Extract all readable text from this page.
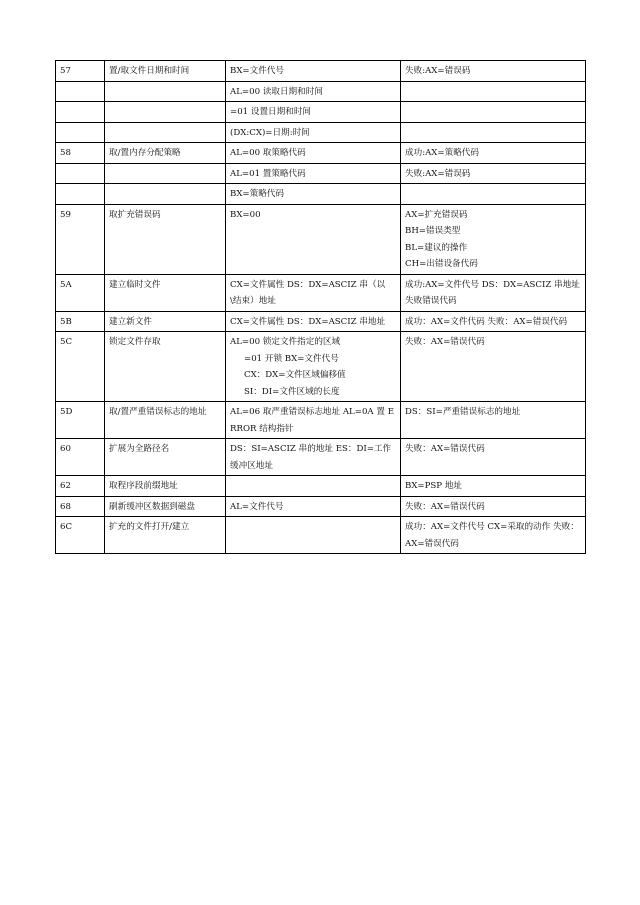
57	置/取文件日期和时间	BX=文件代号	失败:AX=错误码

		AL=00 读取日期和时间	

		=01 设置日期和时间	

		(DX:CX)=日期:时间	

58	取/置内存分配策略	AL=00 取策略代码	成功:AX=策略代码

		AL=01 置策略代码	失败:AX=错误码

		BX=策略代码	

59	取扩充错误码	BX=00	AX=扩充错误码
BH=错误类型
BL=建议的操作
CH=出错设备代码

5A	建立临时文件	CX=文件属性 DS：DX=ASCIZ 串（以\结束）地址	成功:AX=文件代号 DS：DX=ASCIZ 串地址失败错误代码

5B	建立新文件	CX=文件属性 DS：DX=ASCIZ 串地址	成功：AX=文件代码 失败：AX=错误代码

5C	锁定文件存取	AL=00 锁定文件指定的区域
=01 开锁 BX=文件代号
CX：DX=文件区域偏移值
SI：DI=文件区域的长度	失败：AX=错误代码

5D	取/置严重错误标志的地址	AL=06 取严重错误标志地址 AL=0A 置 ERROR 结构指针	DS：SI=严重错误标志的地址

60	扩展为全路径名	DS：SI=ASCIZ 串的地址 ES：DI=工作缓冲区地址	失败：AX=错误代码

62	取程序段前缀地址		BX=PSP 地址

68	刷新缓冲区数据到磁盘	AL=文件代号	失败：AX=错误代码

6C	扩充的文件打开/建立		成功：AX=文件代号 CX=采取的动作 失败：AX=错误代码
